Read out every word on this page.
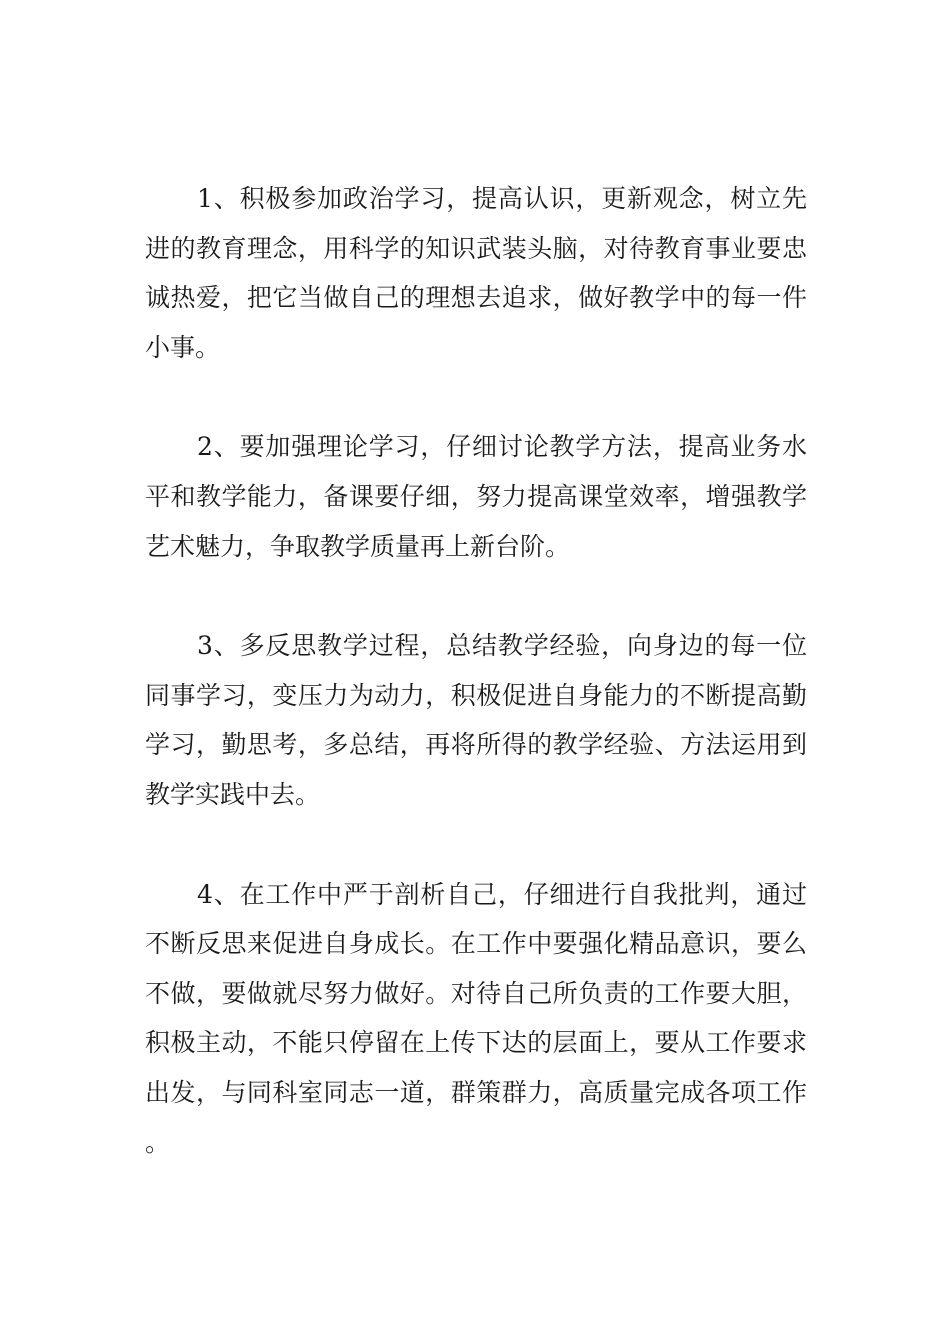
1、积极参加政治学习，提高认识，更新观念，树立先进的教育理念，用科学的知识武装头脑，对待教育事业要忠诚热爱，把它当做自己的理想去追求，做好教学中的每一件小事。

2、要加强理论学习，仔细讨论教学方法，提高业务水平和教学能力，备课要仔细，努力提高课堂效率，增强教学艺术魅力，争取教学质量再上新台阶。

3、多反思教学过程，总结教学经验，向身边的每一位同事学习，变压力为动力，积极促进自身能力的不断提高勤学习，勤思考，多总结，再将所得的教学经验、方法运用到教学实践中去。

4、在工作中严于剖析自己，仔细进行自我批判，通过不断反思来促进自身成长。在工作中要强化精品意识，要么不做，要做就尽努力做好。对待自己所负责的工作要大胆，积极主动，不能只停留在上传下达的层面上，要从工作要求出发，与同科室同志一道，群策群力，高质量完成各项工作。
